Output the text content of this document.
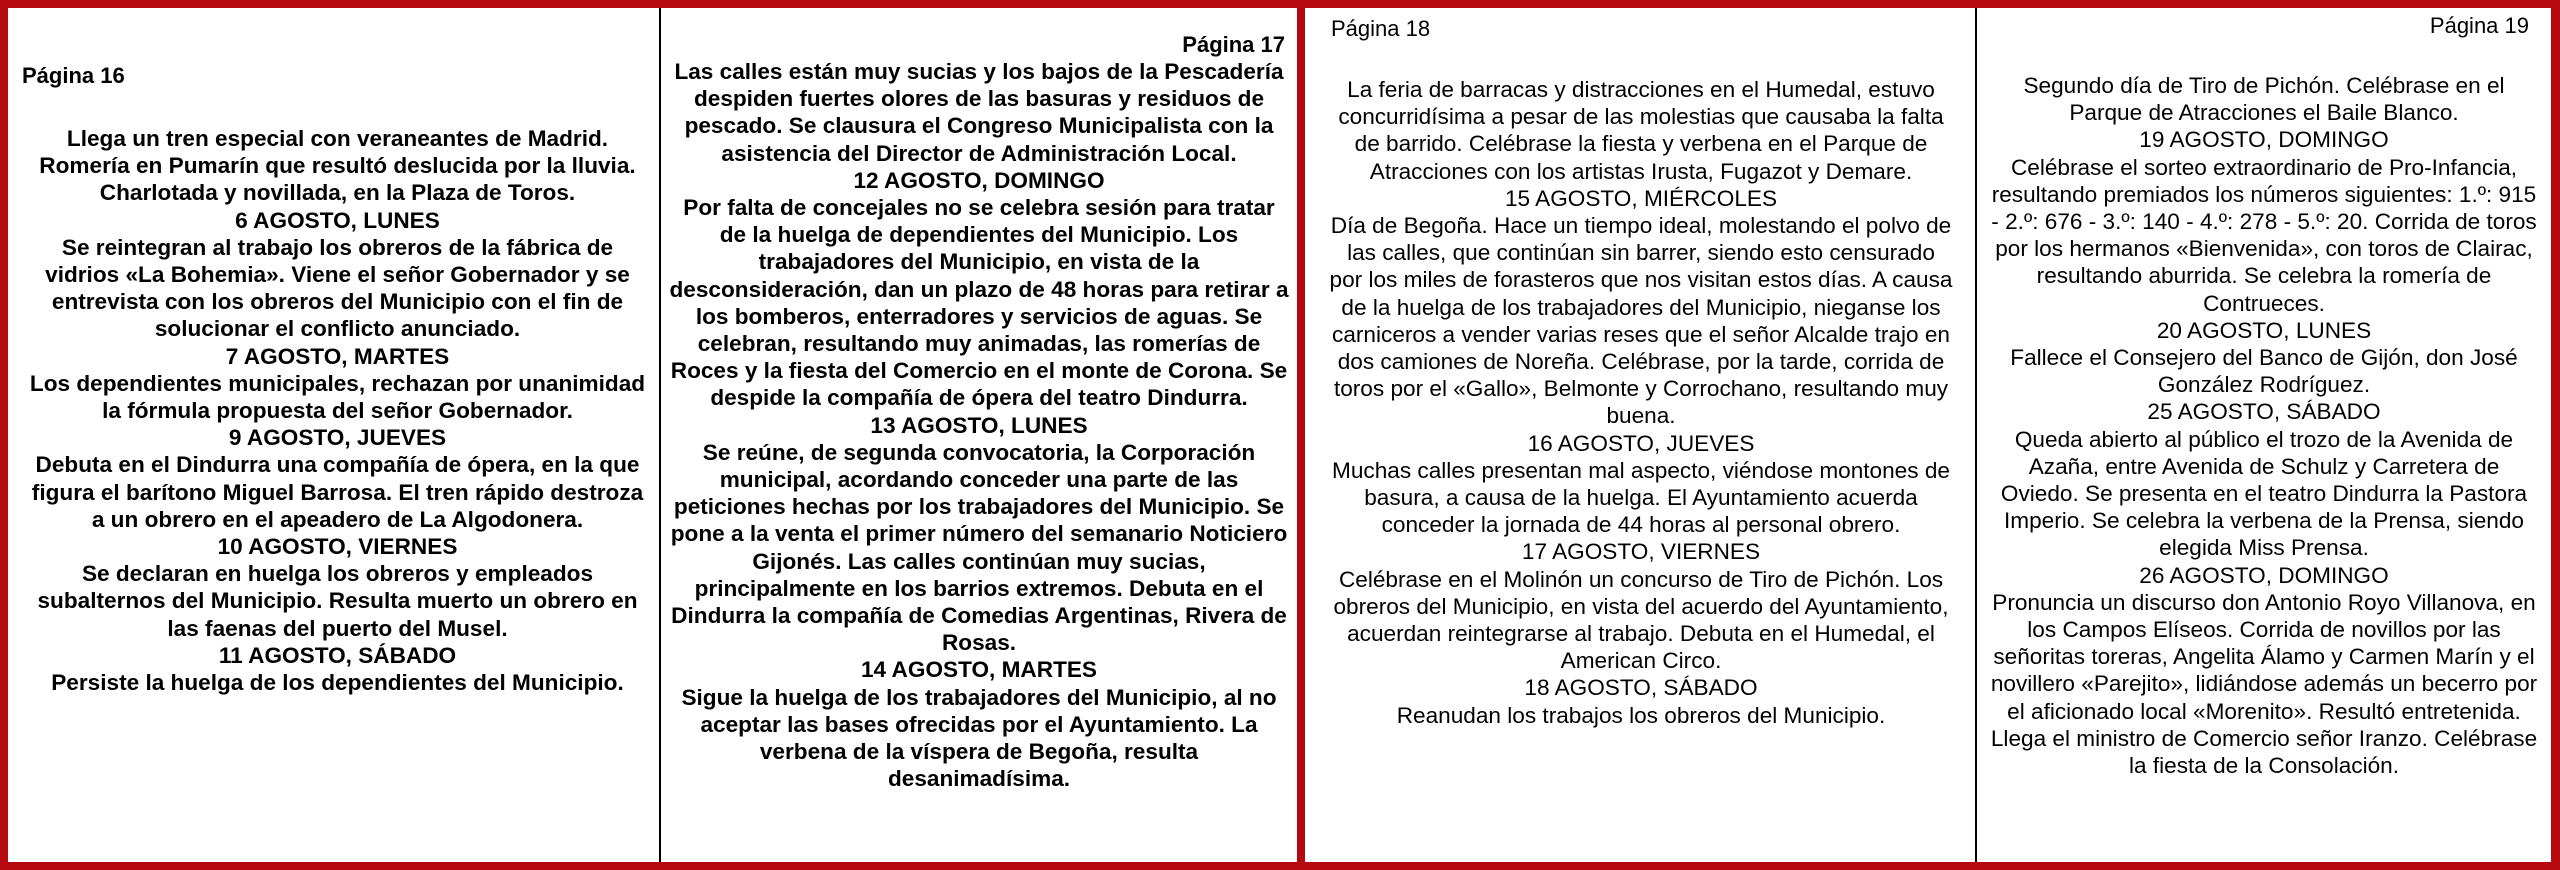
Página 16

Llega un tren especial con veraneantes de Madrid. Romería en Pumarín que resultó deslucida por la lluvia. Charlotada y novillada, en la Plaza de Toros.

6 AGOSTO, LUNES

Se reintegran al trabajo los obreros de la fábrica de vidrios «La Bohemia». Viene el señor Gobernador y se entrevista con los obreros del Municipio con el fin de solucionar el conflicto anunciado.

7 AGOSTO, MARTES

Los dependientes municipales, rechazan por unanimidad la fórmula propuesta del señor Gobernador.

9 AGOSTO, JUEVES

Debuta en el Dindurra una compañía de ópera, en la que figura el barítono Miguel Barrosa. El tren rápido destroza a un obrero en el apeadero de La Algodonera.

10 AGOSTO, VIERNES

Se declaran en huelga los obreros y empleados subalternos del Municipio. Resulta muerto un obrero en las faenas del puerto del Musel.

11 AGOSTO, SÁBADO

Persiste la huelga de los dependientes del Municipio.

Página 17

Las calles están muy sucias y los bajos de la Pescadería despiden fuertes olores de las basuras y residuos de pescado. Se clausura el Congreso Municipalista con la asistencia del Director de Administración Local.

12 AGOSTO, DOMINGO

Por falta de concejales no se celebra sesión para tratar de la huelga de dependientes del Municipio. Los trabajadores del Municipio, en vista de la desconsideración, dan un plazo de 48 horas para retirar a los bomberos, enterradores y servicios de aguas. Se celebran, resultando muy animadas, las romerías de Roces y la fiesta del Comercio en el monte de Corona. Se despide la compañía de ópera del teatro Dindurra.

13 AGOSTO, LUNES

Se reúne, de segunda convocatoria, la Corporación municipal, acordando conceder una parte de las peticiones hechas por los trabajadores del Municipio. Se pone a la venta el primer número del semanario Noticiero Gijonés. Las calles continúan muy sucias, principalmente en los barrios extremos. Debuta en el Dindurra la compañía de Comedias Argentinas, Rivera de Rosas.

14 AGOSTO, MARTES

Sigue la huelga de los trabajadores del Municipio, al no aceptar las bases ofrecidas por el Ayuntamiento. La verbena de la víspera de Begoña, resulta desanimadísima.

Página 18

La feria de barracas y distracciones en el Humedal, estuvo concurridísima a pesar de las molestias que causaba la falta de barrido. Celébrase la fiesta y verbena en el Parque de Atracciones con los artistas Irusta, Fugazot y Demare.

15 AGOSTO, MIÉRCOLES

Día de Begoña. Hace un tiempo ideal, molestando el polvo de las calles, que continúan sin barrer, siendo esto censurado por los miles de forasteros que nos visitan estos días. A causa de la huelga de los trabajadores del Municipio, nieganse los carniceros a vender varias reses que el señor Alcalde trajo en dos camiones de Noreña. Celébrase, por la tarde, corrida de toros por el «Gallo», Belmonte y Corrochano, resultando muy buena.

16 AGOSTO, JUEVES

Muchas calles presentan mal aspecto, viéndose montones de basura, a causa de la huelga. El Ayuntamiento acuerda conceder la jornada de 44 horas al personal obrero.

17 AGOSTO, VIERNES

Celébrase en el Molinón un concurso de Tiro de Pichón. Los obreros del Municipio, en vista del acuerdo del Ayuntamiento, acuerdan reintegrarse al trabajo. Debuta en el Humedal, el American Circo.

18 AGOSTO, SÁBADO

Reanudan los trabajos los obreros del Municipio.

Página 19

Segundo día de Tiro de Pichón. Celébrase en el Parque de Atracciones el Baile Blanco.

19 AGOSTO, DOMINGO

Celébrase el sorteo extraordinario de Pro-Infancia, resultando premiados los números siguientes: 1.º: 915 - 2.º: 676 - 3.º: 140 - 4.º: 278 - 5.º: 20. Corrida de toros por los hermanos «Bienvenida», con toros de Clairac, resultando aburrida. Se celebra la romería de Contrueces.

20 AGOSTO, LUNES

Fallece el Consejero del Banco de Gijón, don José González Rodríguez.

25 AGOSTO, SÁBADO

Queda abierto al público el trozo de la Avenida de Azaña, entre Avenida de Schulz y Carretera de Oviedo. Se presenta en el teatro Dindurra la Pastora Imperio. Se celebra la verbena de la Prensa, siendo elegida Miss Prensa.

26 AGOSTO, DOMINGO

Pronuncia un discurso don Antonio Royo Villanova, en los Campos Elíseos. Corrida de novillos por las señoritas toreras, Angelita Álamo y Carmen Marín y el novillero «Parejito», lidiándose además un becerro por el aficionado local «Morenito». Resultó entretenida. Llega el ministro de Comercio señor Iranzo. Celébrase la fiesta de la Consolación.
